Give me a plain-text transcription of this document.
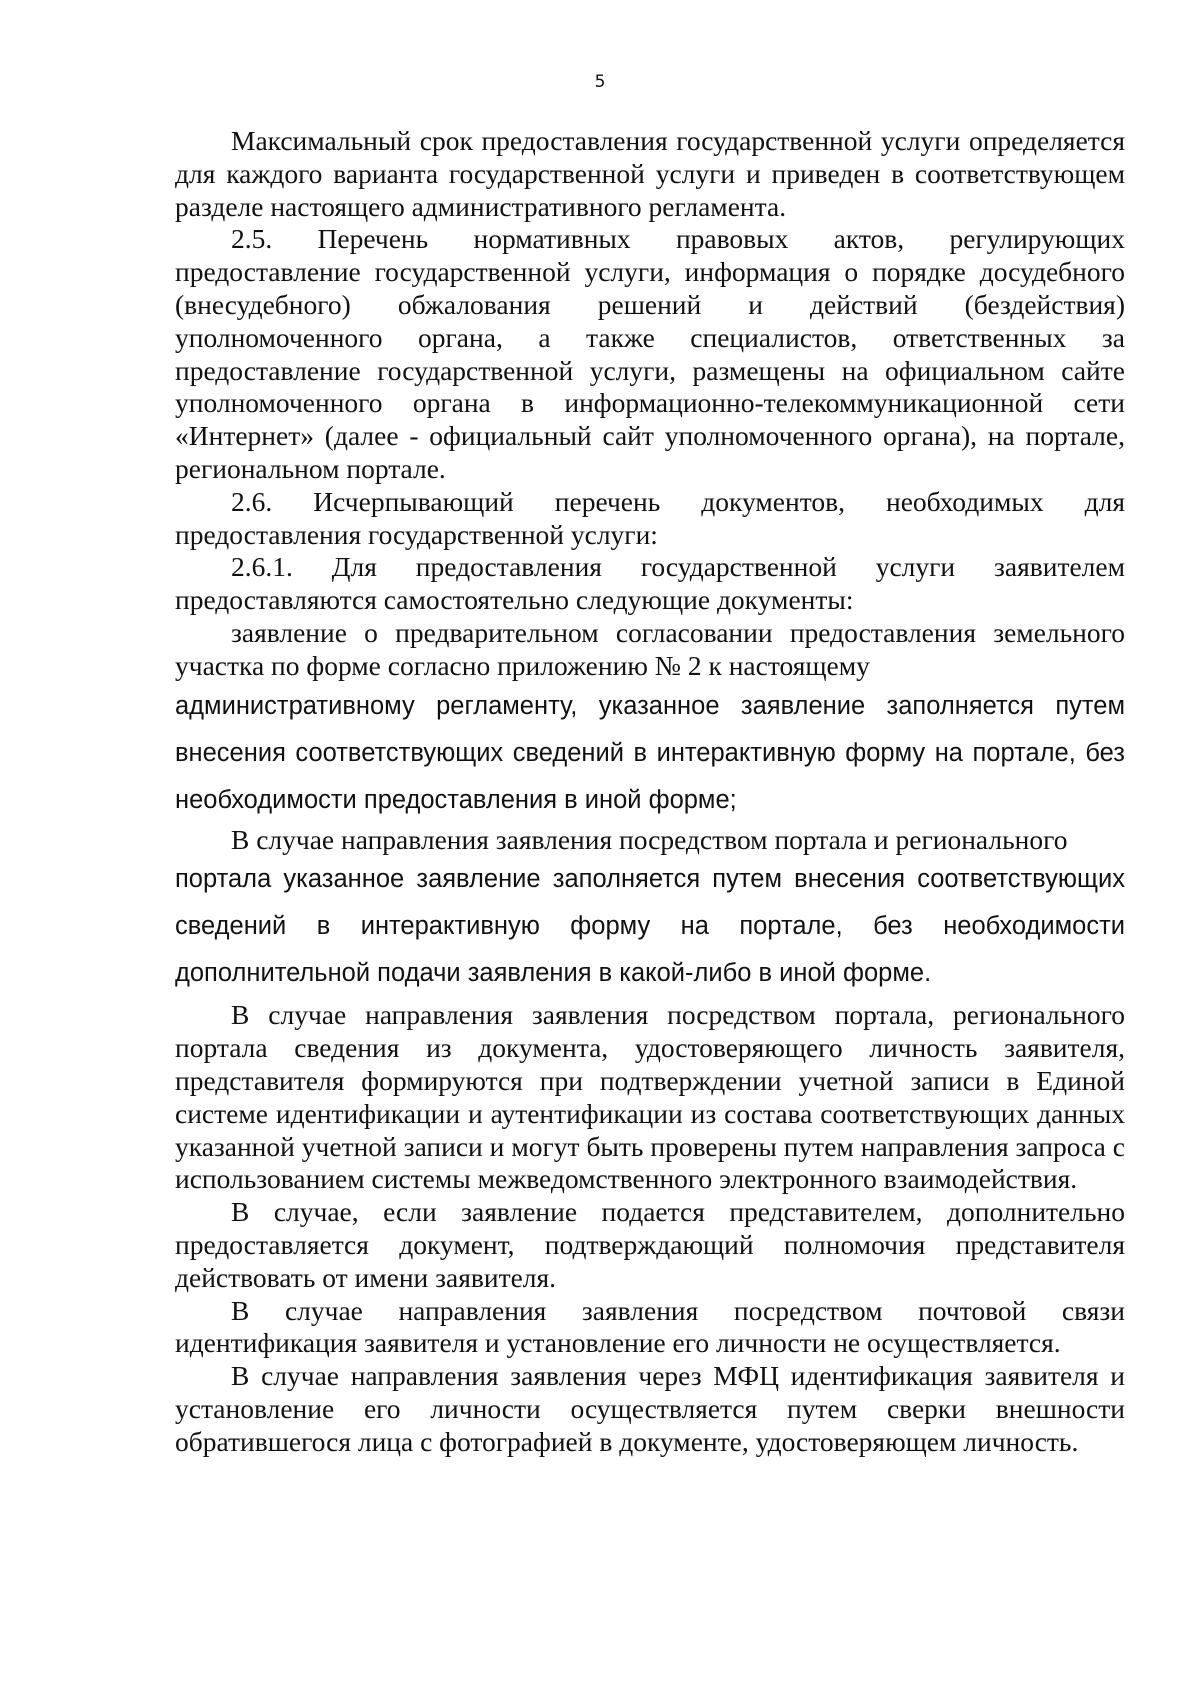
5

Максимальный срок предоставления государственной услуги определяется для каждого варианта государственной услуги и приведен в соответствующем разделе настоящего административного регламента.

2.5. Перечень нормативных правовых актов, регулирующих предоставление государственной услуги, информация о порядке досудебного (внесудебного) обжалования решений и действий (бездействия) уполномоченного органа, а также специалистов, ответственных за предоставление государственной услуги, размещены на официальном сайте уполномоченного органа в информационно-телекоммуникационной сети «Интернет» (далее - официальный сайт уполномоченного органа), на портале, региональном портале.

2.6. Исчерпывающий перечень документов, необходимых для предоставления государственной услуги:

2.6.1. Для предоставления государственной услуги заявителем предоставляются самостоятельно следующие документы:

заявление о предварительном согласовании предоставления земельного участка по форме согласно приложению № 2 к настоящему

административному регламенту, указанное заявление заполняется путем внесения соответствующих сведений в интерактивную форму на портале, без необходимости предоставления в иной форме;

В случае направления заявления посредством портала и регионального

портала указанное заявление заполняется путем внесения соответствующих сведений в интерактивную форму на портале, без необходимости дополнительной подачи заявления в какой-либо в иной форме.

В случае направления заявления посредством портала, регионального портала сведения из документа, удостоверяющего личность заявителя, представителя формируются при подтверждении учетной записи в Единой системе идентификации и аутентификации из состава соответствующих данных указанной учетной записи и могут быть проверены путем направления запроса с использованием системы межведомственного электронного взаимодействия.

В случае, если заявление подается представителем, дополнительно предоставляется документ, подтверждающий полномочия представителя действовать от имени заявителя.

В случае направления заявления посредством почтовой связи идентификация заявителя и установление его личности не осуществляется.

В случае направления заявления через МФЦ идентификация заявителя и установление его личности осуществляется путем сверки внешности обратившегося лица с фотографией в документе, удостоверяющем личность.
